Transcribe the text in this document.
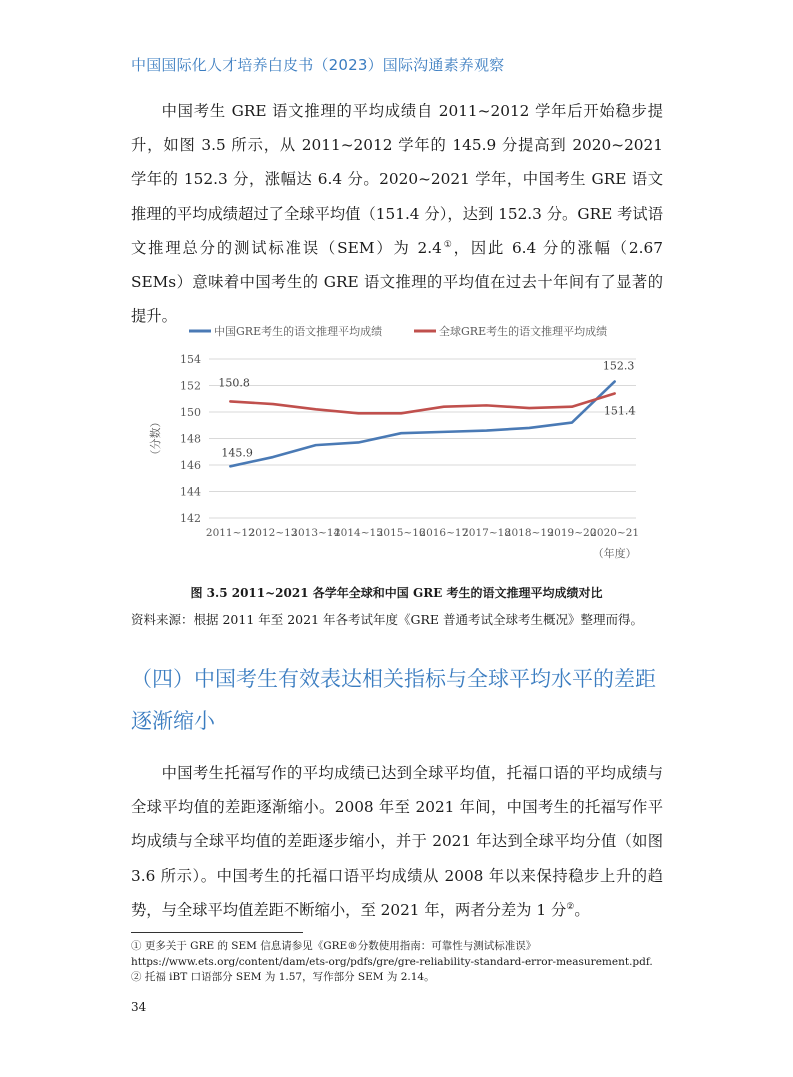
中国国际化人才培养白皮书（2023）国际沟通素养观察

中国考生 GRE 语文推理的平均成绩自 2011~2012 学年后开始稳步提升，如图 3.5 所示，从 2011~2012 学年的 145.9 分提高到 2020~2021 学年的 152.3 分，涨幅达 6.4 分。2020~2021 学年，中国考生 GRE 语文推理的平均成绩超过了全球平均值（151.4 分），达到 152.3 分。GRE 考试语文推理总分的测试标准误（SEM）为 2.4①，因此 6.4 分的涨幅（2.67 SEMs）意味着中国考生的 GRE 语文推理的平均值在过去十年间有了显著的提升。

142
144
146
148
150
152
154
2011~12
2012~13
2013~14
2014~15
2015~16
2016~17
2017~18
2018~19
2019~20
2020~21
（分数）
（年度）
中国GRE考生的语文推理平均成绩	全球GRE考生的语文推理平均成绩
145.9
150.8
152.3
151.4
图 3.5 2011~2021 各学年全球和中国 GRE 考生的语文推理平均成绩对比
资料来源：根据 2011 年至 2021 年各考试年度《GRE 普通考试全球考生概况》整理而得。
（四）中国考生有效表达相关指标与全球平均水平的差距逐渐缩小

中国考生托福写作的平均成绩已达到全球平均值，托福口语的平均成绩与全球平均值的差距逐渐缩小。2008 年至 2021 年间，中国考生的托福写作平均成绩与全球平均值的差距逐步缩小，并于 2021 年达到全球平均分值（如图 3.6 所示）。中国考生的托福口语平均成绩从 2008 年以来保持稳步上升的趋势，与全球平均值差距不断缩小，至 2021 年，两者分差为 1 分②。

① 更多关于 GRE 的 SEM 信息请参见《GRE®分数使用指南：可靠性与测试标准误》
https://www.ets.org/content/dam/ets-org/pdfs/gre/gre-reliability-standard-error-measurement.pdf.
② 托福 iBT 口语部分 SEM 为 1.57，写作部分 SEM 为 2.14。
34
